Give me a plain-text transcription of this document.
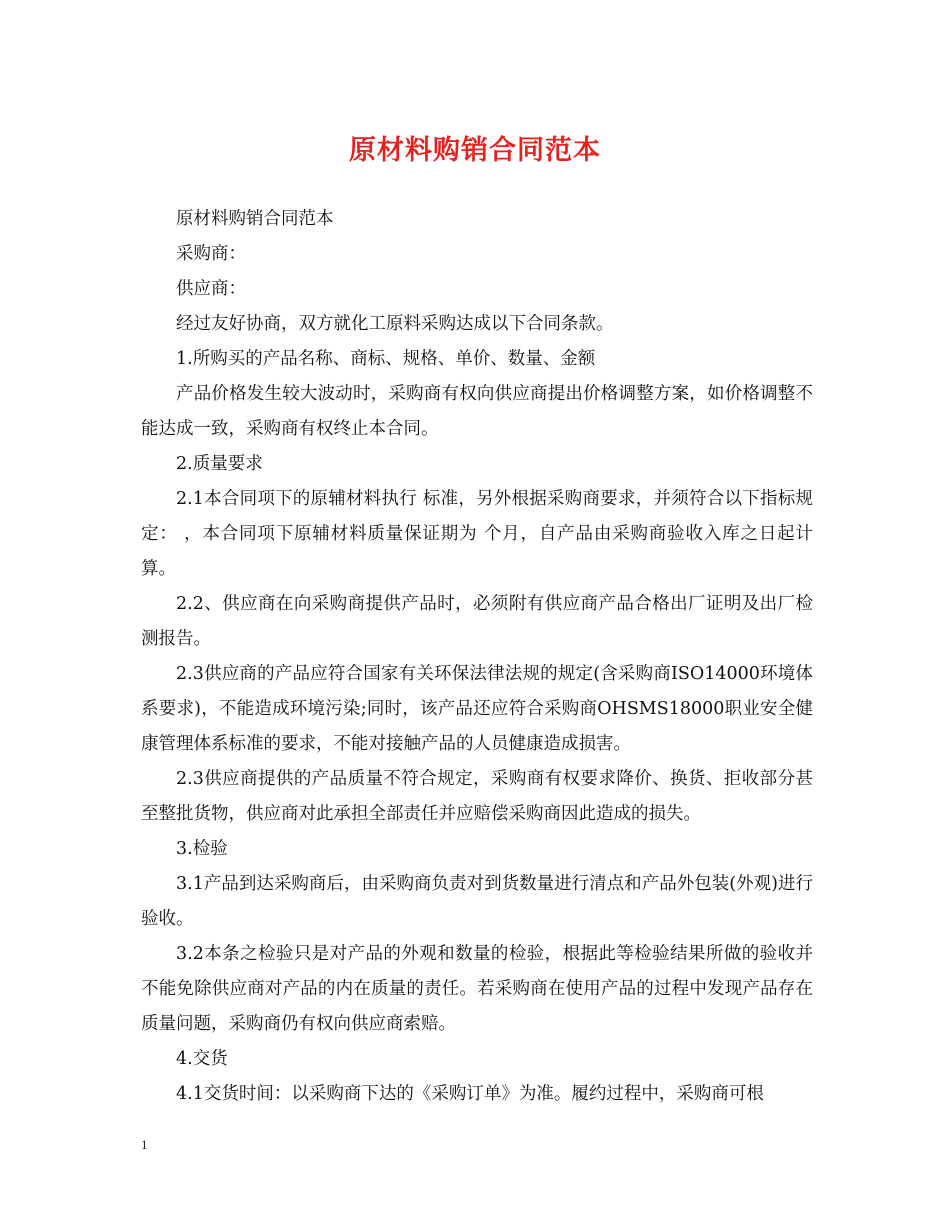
原材料购销合同范本

原材料购销合同范本

采购商：

供应商：

经过友好协商，双方就化工原料采购达成以下合同条款。

1.所购买的产品名称、商标、规格、单价、数量、金额

产品价格发生较大波动时，采购商有权向供应商提出价格调整方案，如价格调整不能达成一致，采购商有权终止本合同。

2.质量要求

2.1本合同项下的原辅材料执行 标准，另外根据采购商要求，并须符合以下指标规定： ，本合同项下原辅材料质量保证期为 个月，自产品由采购商验收入库之日起计算。

2.2、供应商在向采购商提供产品时，必须附有供应商产品合格出厂证明及出厂检测报告。

2.3供应商的产品应符合国家有关环保法律法规的规定(含采购商ISO14000环境体系要求)，不能造成环境污染;同时，该产品还应符合采购商OHSMS18000职业安全健康管理体系标准的要求，不能对接触产品的人员健康造成损害。

2.3供应商提供的产品质量不符合规定，采购商有权要求降价、换货、拒收部分甚至整批货物，供应商对此承担全部责任并应赔偿采购商因此造成的损失。

3.检验

3.1产品到达采购商后，由采购商负责对到货数量进行清点和产品外包装(外观)进行验收。

3.2本条之检验只是对产品的外观和数量的检验，根据此等检验结果所做的验收并不能免除供应商对产品的内在质量的责任。若采购商在使用产品的过程中发现产品存在质量问题，采购商仍有权向供应商索赔。

4.交货

4.1交货时间：以采购商下达的《采购订单》为准。履约过程中，采购商可根

1
